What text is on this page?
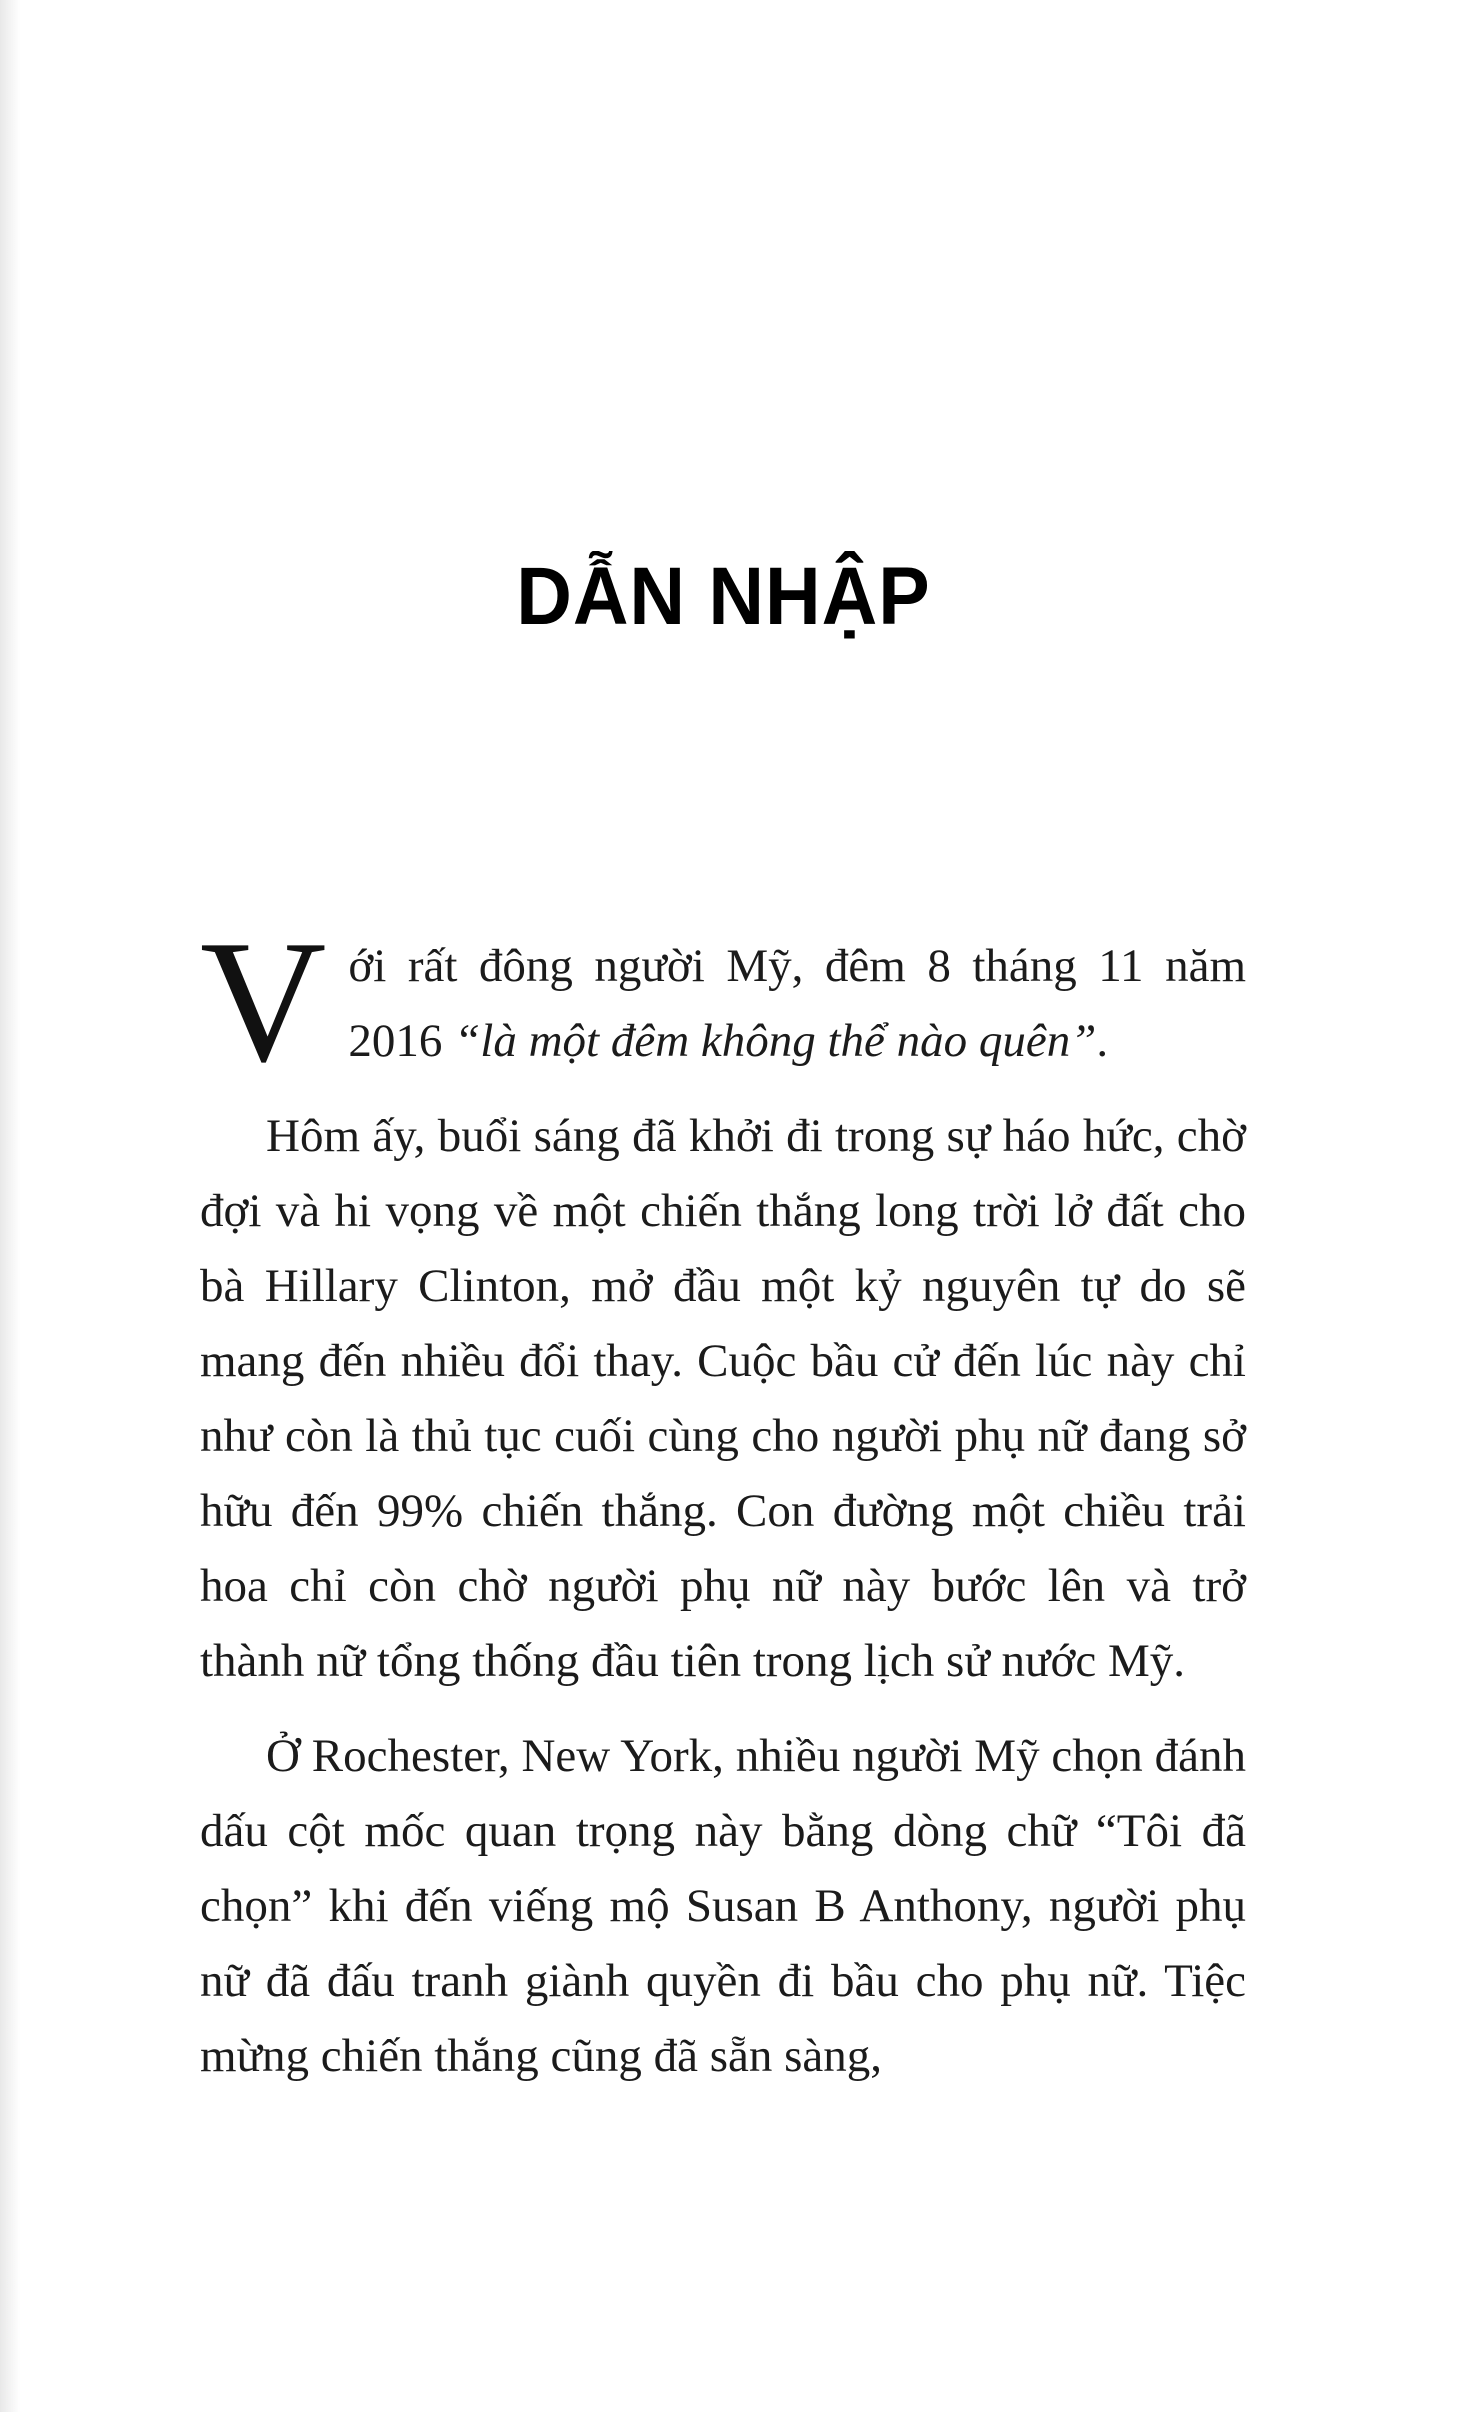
DẪN NHẬP

Với rất đông người Mỹ, đêm 8 tháng 11 năm 2016 “là một đêm không thể nào quên”.

Hôm ấy, buổi sáng đã khởi đi trong sự háo hức, chờ đợi và hi vọng về một chiến thắng long trời lở đất cho bà Hillary Clinton, mở đầu một kỷ nguyên tự do sẽ mang đến nhiều đổi thay. Cuộc bầu cử đến lúc này chỉ như còn là thủ tục cuối cùng cho người phụ nữ đang sở hữu đến 99% chiến thắng. Con đường một chiều trải hoa chỉ còn chờ người phụ nữ này bước lên và trở thành nữ tổng thống đầu tiên trong lịch sử nước Mỹ.

Ở Rochester, New York, nhiều người Mỹ chọn đánh dấu cột mốc quan trọng này bằng dòng chữ “Tôi đã chọn” khi đến viếng mộ Susan B Anthony, người phụ nữ đã đấu tranh giành quyền đi bầu cho phụ nữ. Tiệc mừng chiến thắng cũng đã sẵn sàng,
